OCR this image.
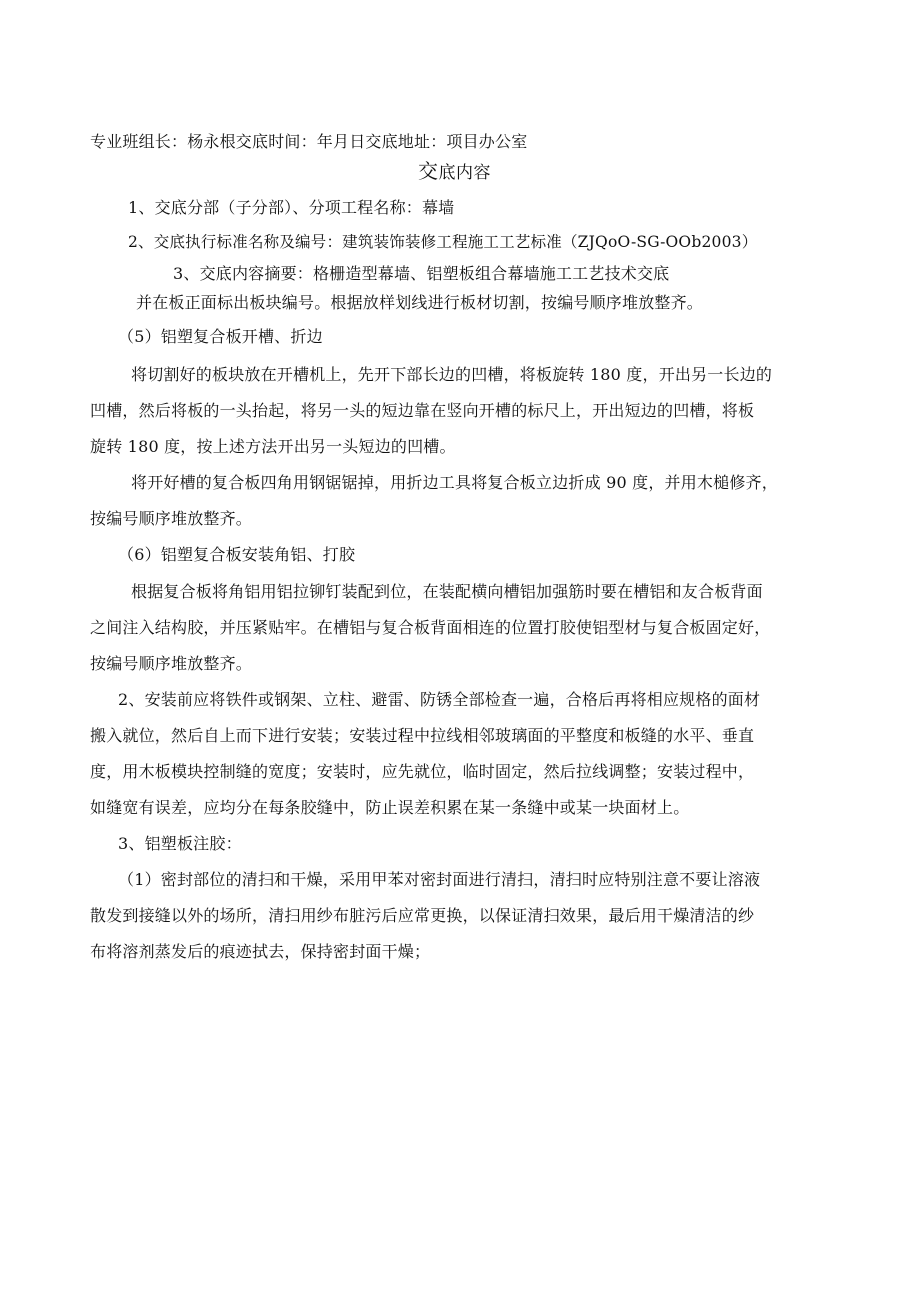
专业班组长：杨永根交底时间：年月日交底地址：项目办公室
交底内容
1、交底分部（子分部）、分项工程名称：幕墙
2、交底执行标准名称及编号：建筑装饰装修工程施工工艺标准（ZJQoO-SG-OOb2003）
3、交底内容摘要：格栅造型幕墙、铝塑板组合幕墙施工工艺技术交底
并在板正面标出板块编号。根据放样划线进行板材切割，按编号顺序堆放整齐。
（5）铝塑复合板开槽、折边
将切割好的板块放在开槽机上，先开下部长边的凹槽，将板旋转 180 度，开出另一长边的
凹槽，然后将板的一头抬起，将另一头的短边靠在竖向开槽的标尺上，开出短边的凹槽，将板
旋转 180 度，按上述方法开出另一头短边的凹槽。
将开好槽的复合板四角用钢锯锯掉，用折边工具将复合板立边折成 90 度，并用木槌修齐，
按编号顺序堆放整齐。
（6）铝塑复合板安装角铝、打胶
根据复合板将角铝用铝拉铆钉装配到位，在装配横向槽铝加强筋时要在槽铝和友合板背面
之间注入结构胶，并压紧贴牢。在槽铝与复合板背面相连的位置打胶使铝型材与复合板固定好，
按编号顺序堆放整齐。
2、安装前应将铁件或钢架、立柱、避雷、防锈全部检查一遍，合格后再将相应规格的面材
搬入就位，然后自上而下进行安装；安装过程中拉线相邻玻璃面的平整度和板缝的水平、垂直
度，用木板模块控制缝的宽度；安装时，应先就位，临时固定，然后拉线调整；安装过程中，
如缝宽有误差，应均分在每条胶缝中，防止误差积累在某一条缝中或某一块面材上。
3、铝塑板注胶：
（1）密封部位的清扫和干燥，采用甲苯对密封面进行清扫，清扫时应特别注意不要让溶液
散发到接缝以外的场所，清扫用纱布脏污后应常更换，以保证清扫效果，最后用干燥清洁的纱
布将溶剂蒸发后的痕迹拭去，保持密封面干燥；
